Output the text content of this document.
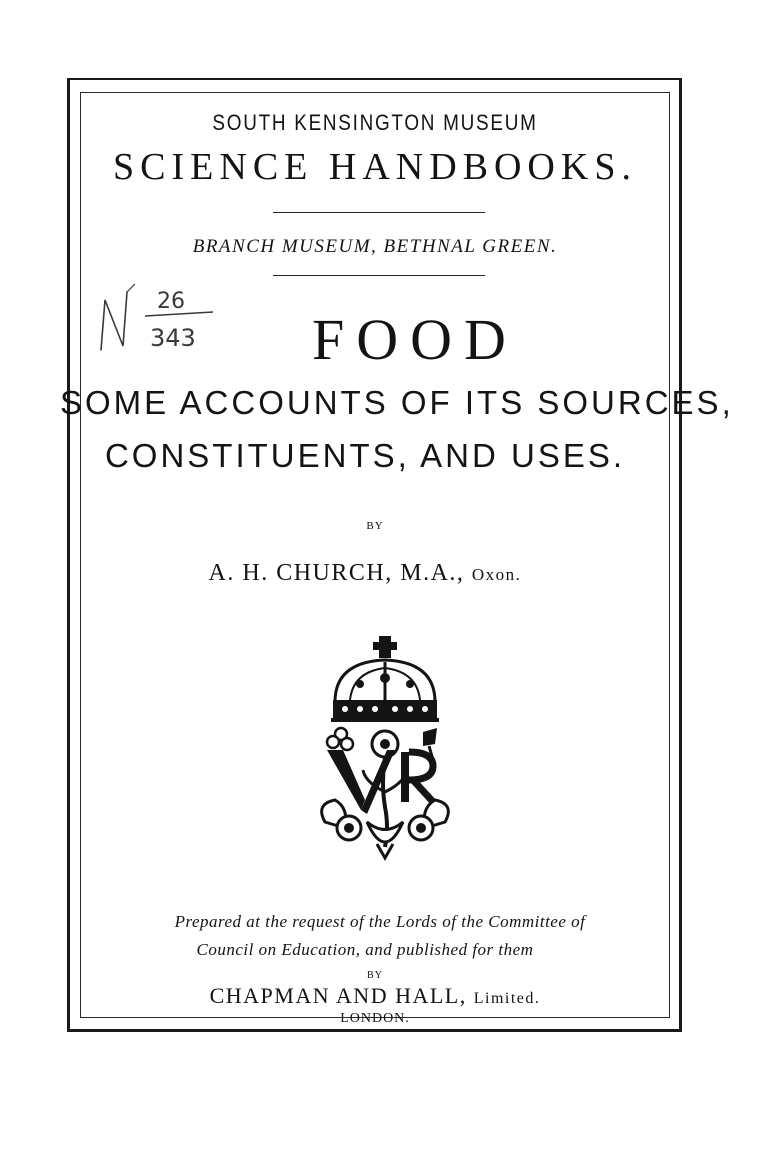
SOUTH KENSINGTON MUSEUM
SCIENCE HANDBOOKS.
BRANCH MUSEUM, BETHNAL GREEN.
26
343	FOOD
SOME ACCOUNTS OF ITS SOURCES,
CONSTITUENTS, AND USES.
BY
A. H. CHURCH, M.A., Oxon.
Prepared at the request of the Lords of the Committee of
Council on Education, and published for them
BY
CHAPMAN AND HALL, Limited.
LONDON.
